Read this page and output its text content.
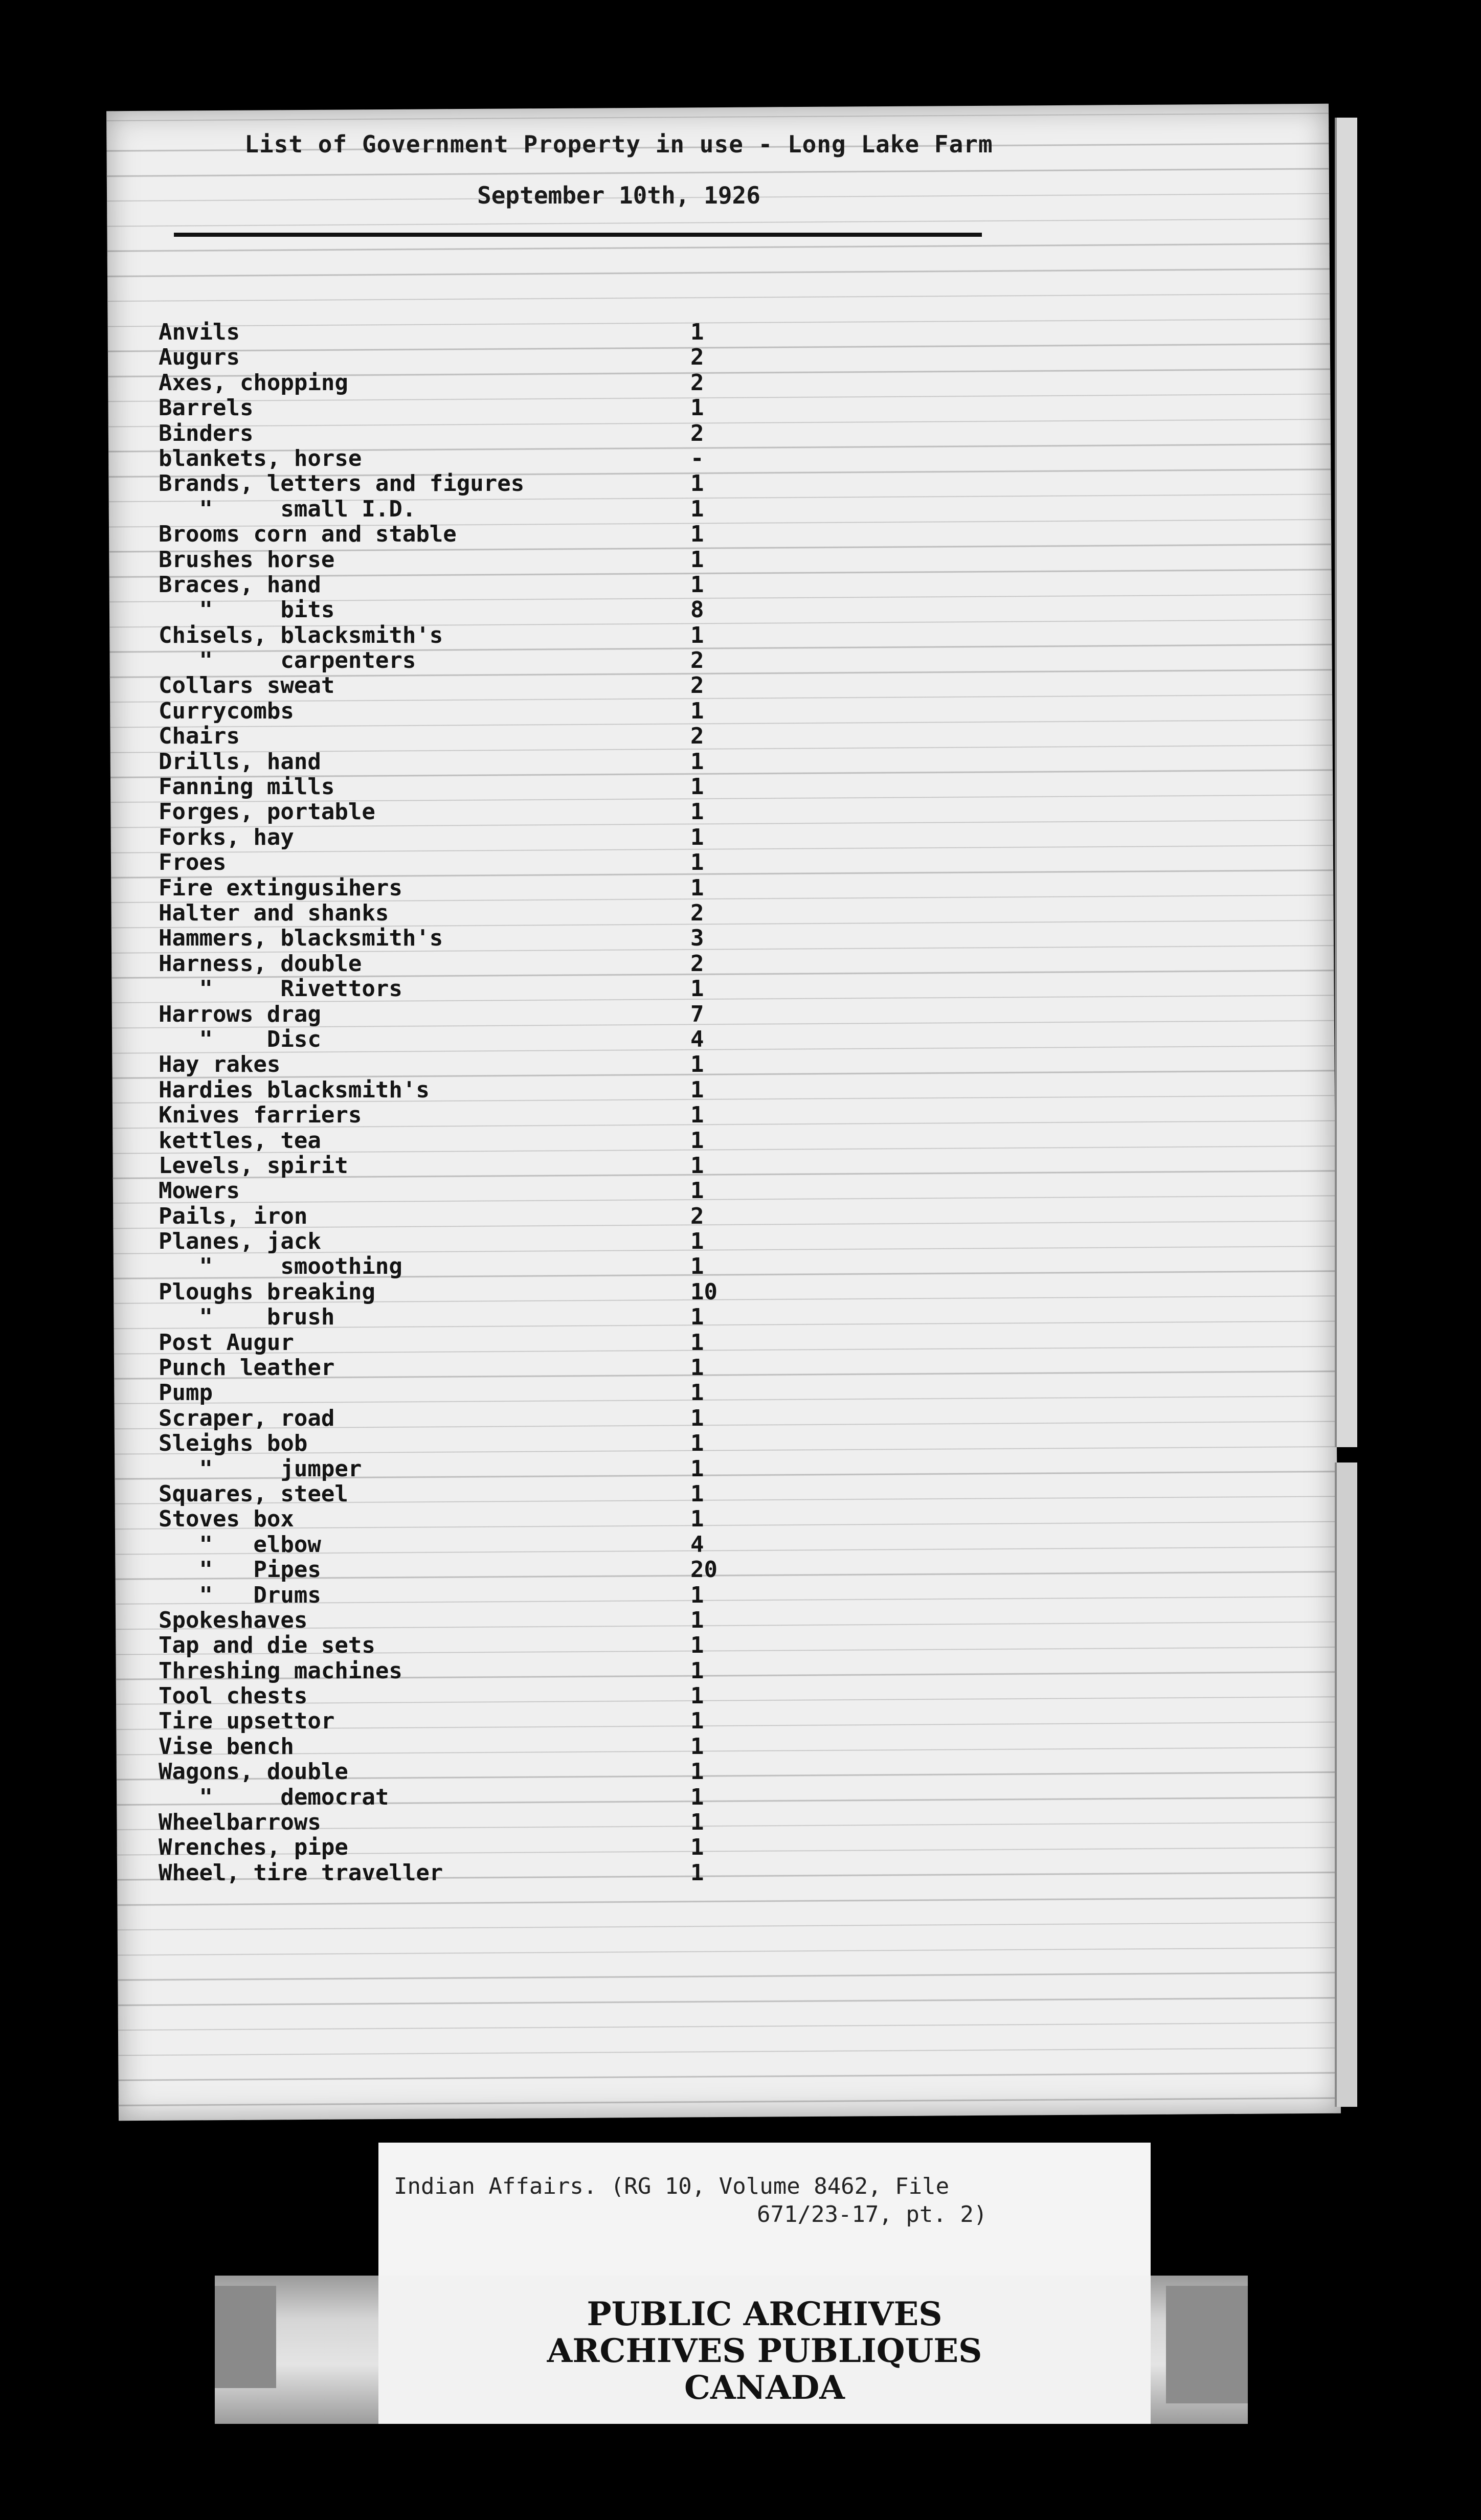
List of Government Property in use - Long Lake Farm
September 10th, 1926
Anvils	1
Augurs	2
Axes, chopping	2
Barrels	1
Binders	2
blankets, horse	-
Brands, letters and figures	1
"     small I.D.	1
Brooms corn and stable	1
Brushes horse	1
Braces, hand	1
"     bits	8
Chisels, blacksmith's	1
"     carpenters	2
Collars sweat	2
Currycombs	1
Chairs	2
Drills, hand	1
Fanning mills	1
Forges, portable	1
Forks, hay	1
Froes	1
Fire extingusihers	1
Halter and shanks	2
Hammers, blacksmith's	3
Harness, double	2
"     Rivettors	1
Harrows drag	7
"    Disc	4
Hay rakes	1
Hardies blacksmith's	1
Knives farriers	1
kettles, tea	1
Levels, spirit	1
Mowers	1
Pails, iron	2
Planes, jack	1
"     smoothing	1
Ploughs breaking	10
"    brush	1
Post Augur	1
Punch leather	1
Pump	1
Scraper, road	1
Sleighs bob	1
"     jumper	1
Squares, steel	1
Stoves box	1
"   elbow	4
"   Pipes	20
"   Drums	1
Spokeshaves	1
Tap and die sets	1
Threshing machines	1
Tool chests	1
Tire upsettor	1
Vise bench	1
Wagons, double	1
"     democrat	1
Wheelbarrows	1
Wrenches, pipe	1
Wheel, tire traveller	1
Indian Affairs. (RG 10, Volume 8462, File
671/23-17, pt. 2)
PUBLIC ARCHIVES
ARCHIVES PUBLIQUES
CANADA
